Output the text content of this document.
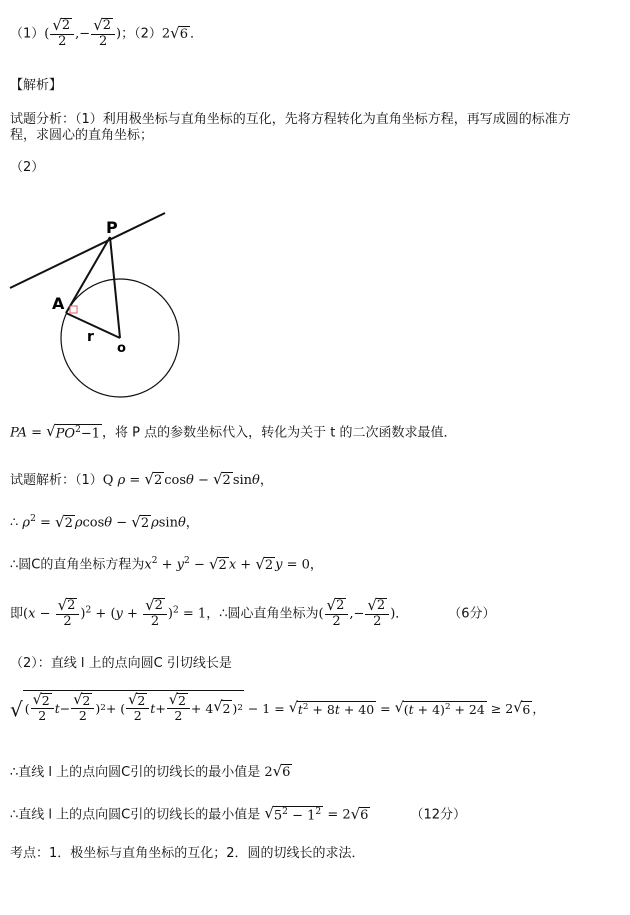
$(1)( \frac{√ 2}{2}$ ,− $\frac{√ 2}{2}$ )；（2）2 √ 6 ．
【解析】
试题分析：（1）利用极坐标与直角坐标的互化，先将方程转化为直角坐标方程，再写成圆的标准方
程，求圆心的直角坐标；
（2）
P
A
r
o
PA = √ $PO^2-1$ ，将 P 点的参数坐标代入，转化为关于 t 的二次函数求最值．
试题解析：（1）Q ρ = √ 2 cosθ − √ 2 sinθ，
∴ $\rho^2$ = √ 2 ρcosθ − √ 2 ρsinθ，
∴圆C的直角坐标方程为$x^2 + y^2$ − √ 2 x + √ 2 y = 0，
即$(x - \frac{√ 2}{2} )^2 + (y + \frac{√ 2}{2} )^2 = 1$，∴圆心直角坐标为( $\frac{√ 2}{2}$ ,− $\frac{√ 2}{2}$ )．	（6分）
（2）：直线 l 上的点向圆C 引切线长是
√ ( $\frac{√ 2}{2}$ $t - \frac{√ 2}{2}$ ) 2 + ( $\frac{√ 2}{2}$ $t + \frac{√ 2}{2} + 4$ √ 2 ) 2 − 1 = √ $t^2 + 8t + 40$ = √ $(t + 4)^2 + 24 \ge 2$ √ 6 ，
∴直线 l 上的点向圆C引的切线长的最小值是 2 √ 6
∴直线 l 上的点向圆C引的切线长的最小值是 √ $5^2 - 1^2 = 2$ √ 6	（12分）
考点：1．极坐标与直角坐标的互化；2．圆的切线长的求法．
